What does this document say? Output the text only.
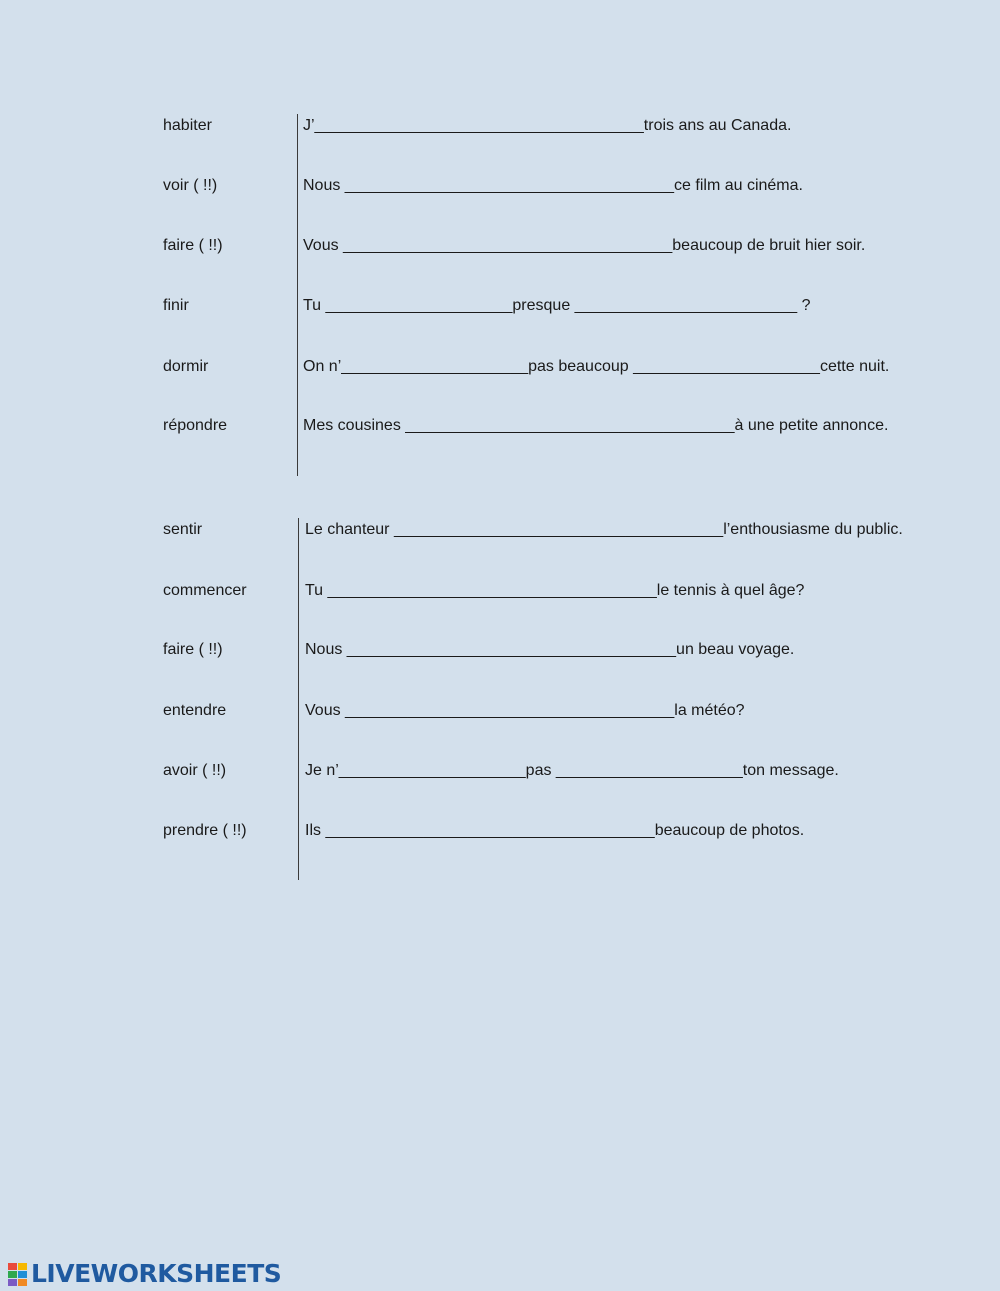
habiter	J’_____________________________________trois ans au Canada.
voir ( !!)	Nous _____________________________________ce film au cinéma.
faire ( !!)	Vous _____________________________________beaucoup de bruit hier soir.
finir	Tu _____________________presque _________________________ ?
dormir	On n’_____________________pas beaucoup _____________________cette nuit.
répondre	Mes cousines _____________________________________à une petite annonce.
sentir	Le chanteur _____________________________________l’enthousiasme du public.
commencer	Tu _____________________________________le tennis à quel âge?
faire ( !!)	Nous _____________________________________un beau voyage.
entendre	Vous _____________________________________la météo?
avoir ( !!)	Je n’_____________________pas _____________________ton message.
prendre ( !!)	Ils _____________________________________beaucoup de photos.
LIVEWORKSHEETS
